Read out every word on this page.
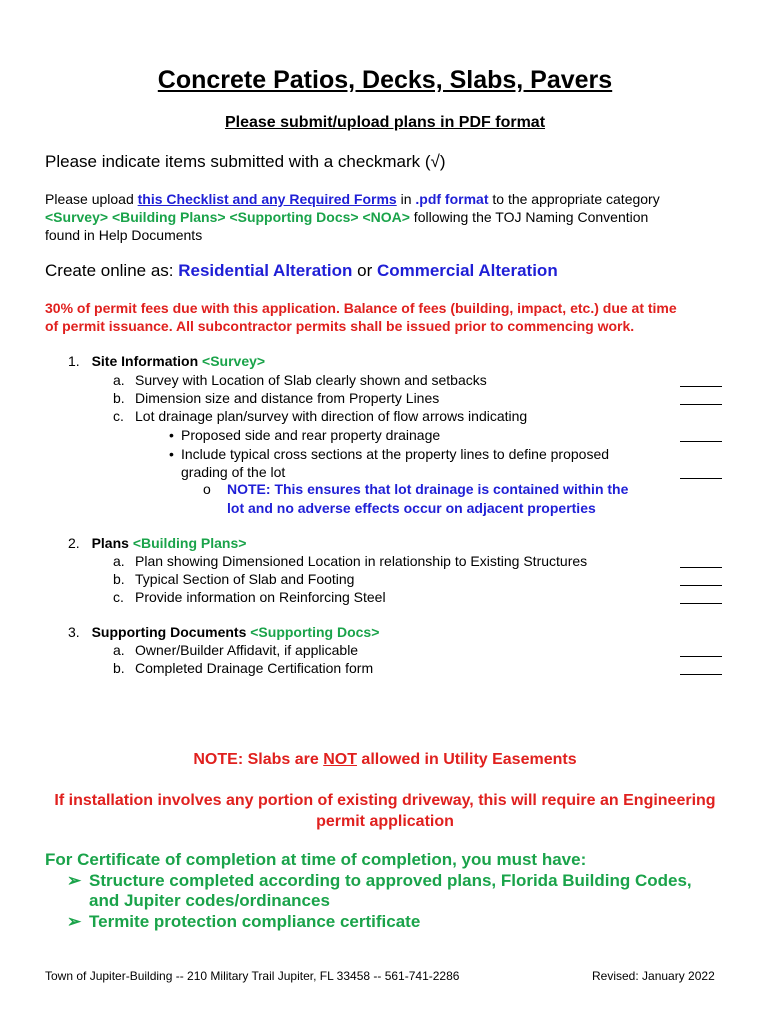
Concrete Patios, Decks, Slabs, Pavers
Please submit/upload plans in PDF format
Please indicate items submitted with a checkmark (√)
Please upload this Checklist and any Required Forms in .pdf format to the appropriate category
<Survey> <Building Plans> <Supporting Docs> <NOA> following the TOJ Naming Convention
found in Help Documents
Create online as: Residential Alteration or Commercial Alteration
30% of permit fees due with this application. Balance of fees (building, impact, etc.) due at time
of permit issuance. All subcontractor permits shall be issued prior to commencing work.
1. Site Information <Survey>
a. Survey with Location of Slab clearly shown and setbacks
b. Dimension size and distance from Property Lines
c. Lot drainage plan/survey with direction of flow arrows indicating
• Proposed side and rear property drainage
• Include typical cross sections at the property lines to define proposed
grading of the lot
o NOTE: This ensures that lot drainage is contained within the
lot and no adverse effects occur on adjacent properties
2. Plans <Building Plans>
a. Plan showing Dimensioned Location in relationship to Existing Structures
b. Typical Section of Slab and Footing
c. Provide information on Reinforcing Steel
3. Supporting Documents <Supporting Docs>
a. Owner/Builder Affidavit, if applicable
b. Completed Drainage Certification form
NOTE: Slabs are NOT allowed in Utility Easements
If installation involves any portion of existing driveway, this will require an Engineering permit application
For Certificate of completion at time of completion, you must have:
➢ Structure completed according to approved plans, Florida Building Codes,
and Jupiter codes/ordinances
➢ Termite protection compliance certificate
Town of Jupiter-Building -- 210 Military Trail Jupiter, FL 33458 -- 561-741-2286	Revised: January 2022
